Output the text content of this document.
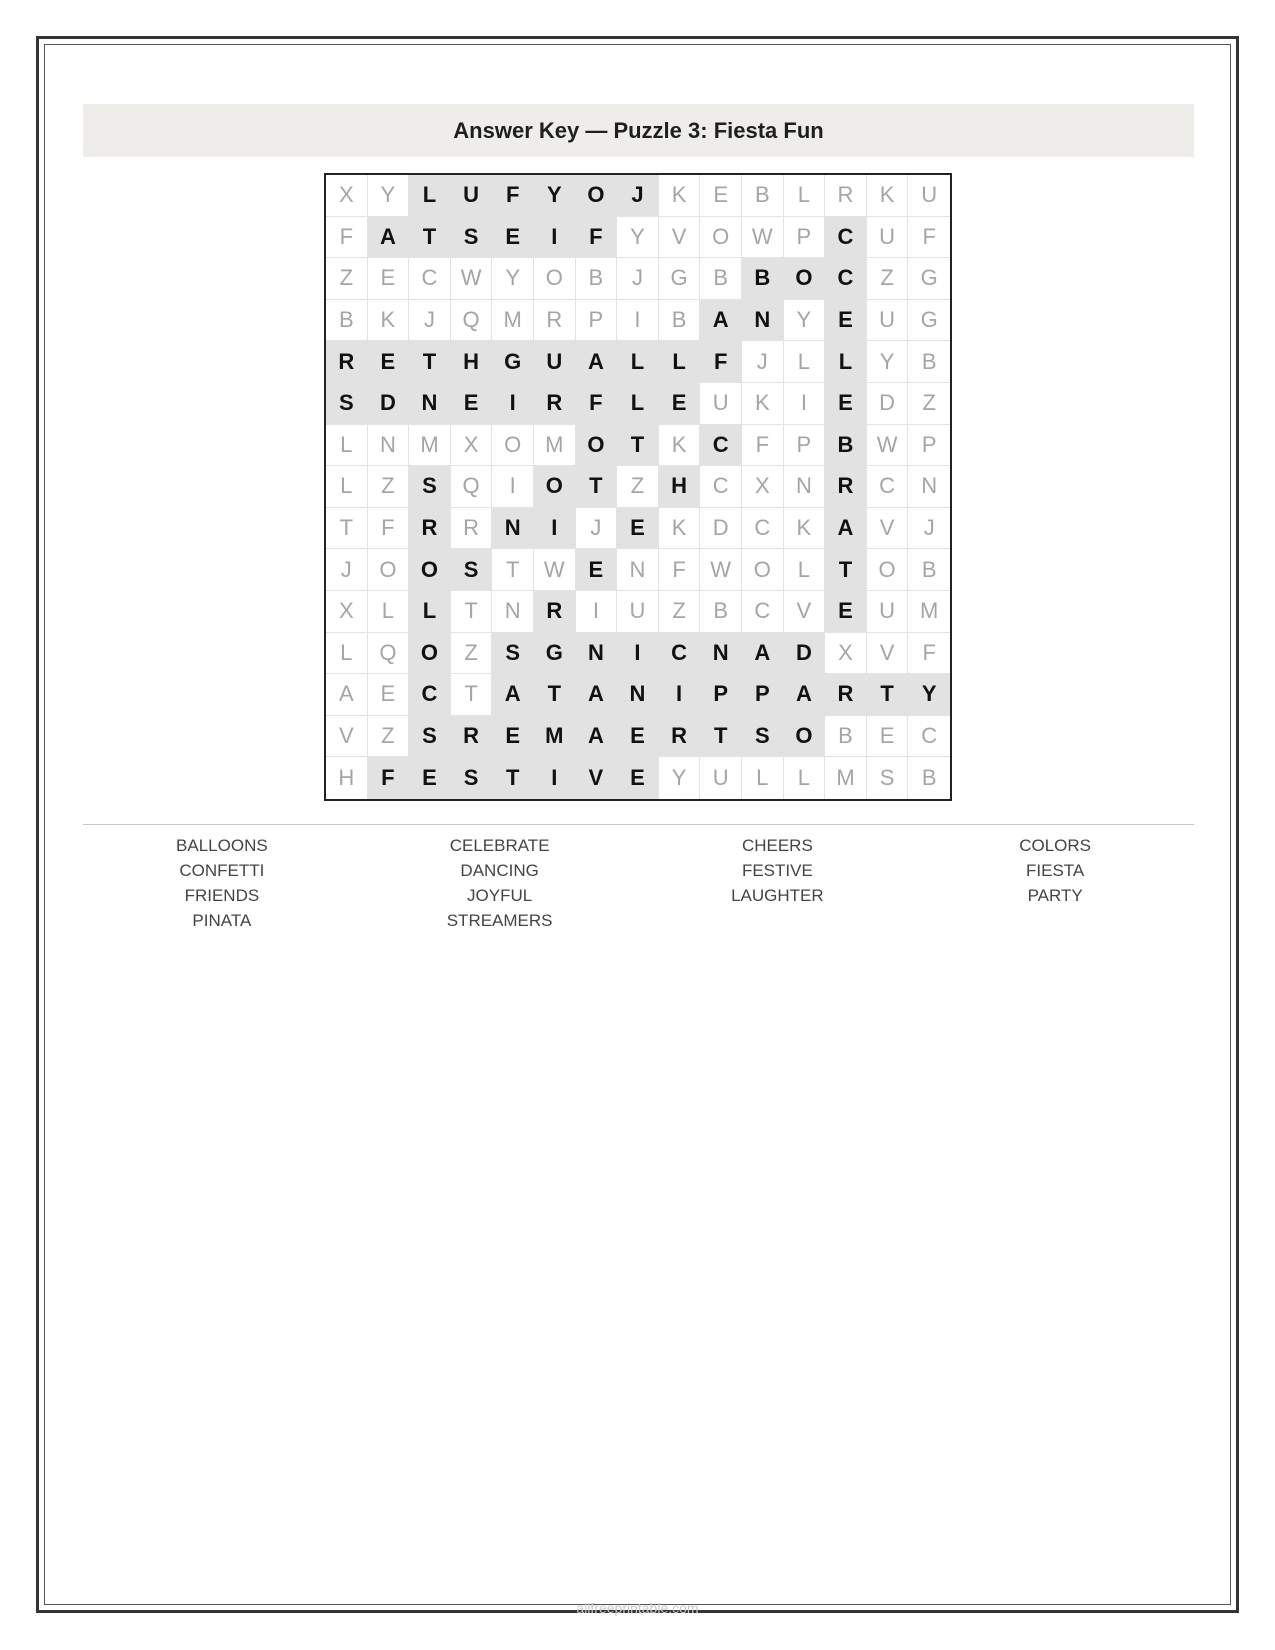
Answer Key — Puzzle 3: Fiesta Fun
X	Y	L	U	F	Y	O	J	K	E	B	L	R	K	U
F	A	T	S	E	I	F	Y	V	O	W	P	C	U	F
Z	E	C	W	Y	O	B	J	G	B	B	O	C	Z	G
B	K	J	Q	M	R	P	I	B	A	N	Y	E	U	G
R	E	T	H	G	U	A	L	L	F	J	L	L	Y	B
S	D	N	E	I	R	F	L	E	U	K	I	E	D	Z
L	N	M	X	O	M	O	T	K	C	F	P	B	W	P
L	Z	S	Q	I	O	T	Z	H	C	X	N	R	C	N
T	F	R	R	N	I	J	E	K	D	C	K	A	V	J
J	O	O	S	T	W	E	N	F	W	O	L	T	O	B
X	L	L	T	N	R	I	U	Z	B	C	V	E	U	M
L	Q	O	Z	S	G	N	I	C	N	A	D	X	V	F
A	E	C	T	A	T	A	N	I	P	P	A	R	T	Y
V	Z	S	R	E	M	A	E	R	T	S	O	B	E	C
H	F	E	S	T	I	V	E	Y	U	L	L	M	S	B
BALLOONS	CELEBRATE	CHEERS	COLORS
CONFETTI	DANCING	FESTIVE	FIESTA
FRIENDS	JOYFUL	LAUGHTER	PARTY
PINATA	STREAMERS
allfreeprintable.com
